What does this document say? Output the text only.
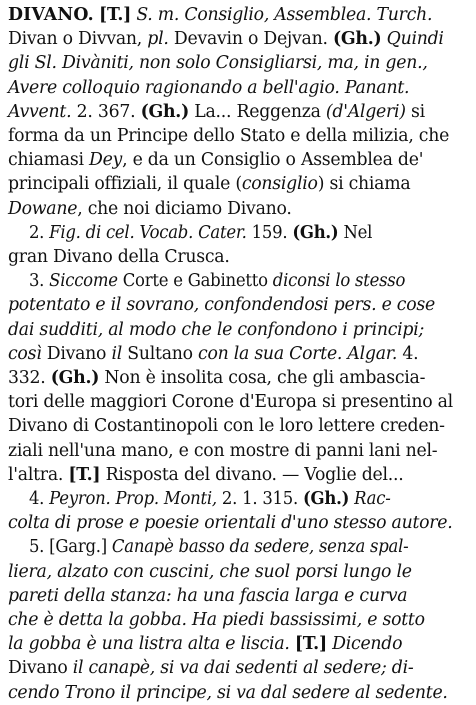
DIVANO. [T.] S. m. Consiglio, Assemblea. Turch.
Divan o Divvan, pl. Devavin o Dejvan. (Gh.) Quindi
gli Sl. Divàniti, non solo Consigliarsi, ma, in gen.,
Avere colloquio ragionando a bell'agio. Panant.
Avvent. 2. 367. (Gh.) La... Reggenza (d'Algeri) si
forma da un Principe dello Stato e della milizia, che
chiamasi Dey, e da un Consiglio o Assemblea de'
principali offiziali, il quale (consiglio) si chiama
Dowane, che noi diciamo Divano.

2. Fig. di cel. Vocab. Cater. 159. (Gh.) Nel
gran Divano della Crusca.

3. Siccome Corte e Gabinetto diconsi lo stesso
potentato e il sovrano, confondendosi pers. e cose
dai sudditi, al modo che le confondono i principi;
così Divano il Sultano con la sua Corte. Algar. 4.
332. (Gh.) Non è insolita cosa, che gli ambascia-
tori delle maggiori Corone d'Europa si presentino al
Divano di Costantinopoli con le loro lettere creden-
ziali nell'una mano, e con mostre di panni lani nel-
l'altra. [T.] Risposta del divano. — Voglie del...

4. Peyron. Prop. Monti, 2. 1. 315. (Gh.) Rac-
colta di prose e poesie orientali d'uno stesso autore.

5. [Garg.] Canapè basso da sedere, senza spal-
liera, alzato con cuscini, che suol porsi lungo le
pareti della stanza: ha una fascia larga e curva
che è detta la gobba. Ha piedi bassissimi, e sotto
la gobba è una listra alta e liscia. [T.] Dicendo
Divano il canapè, si va dai sedenti al sedere; di-
cendo Trono il principe, si va dal sedere al sedente.
